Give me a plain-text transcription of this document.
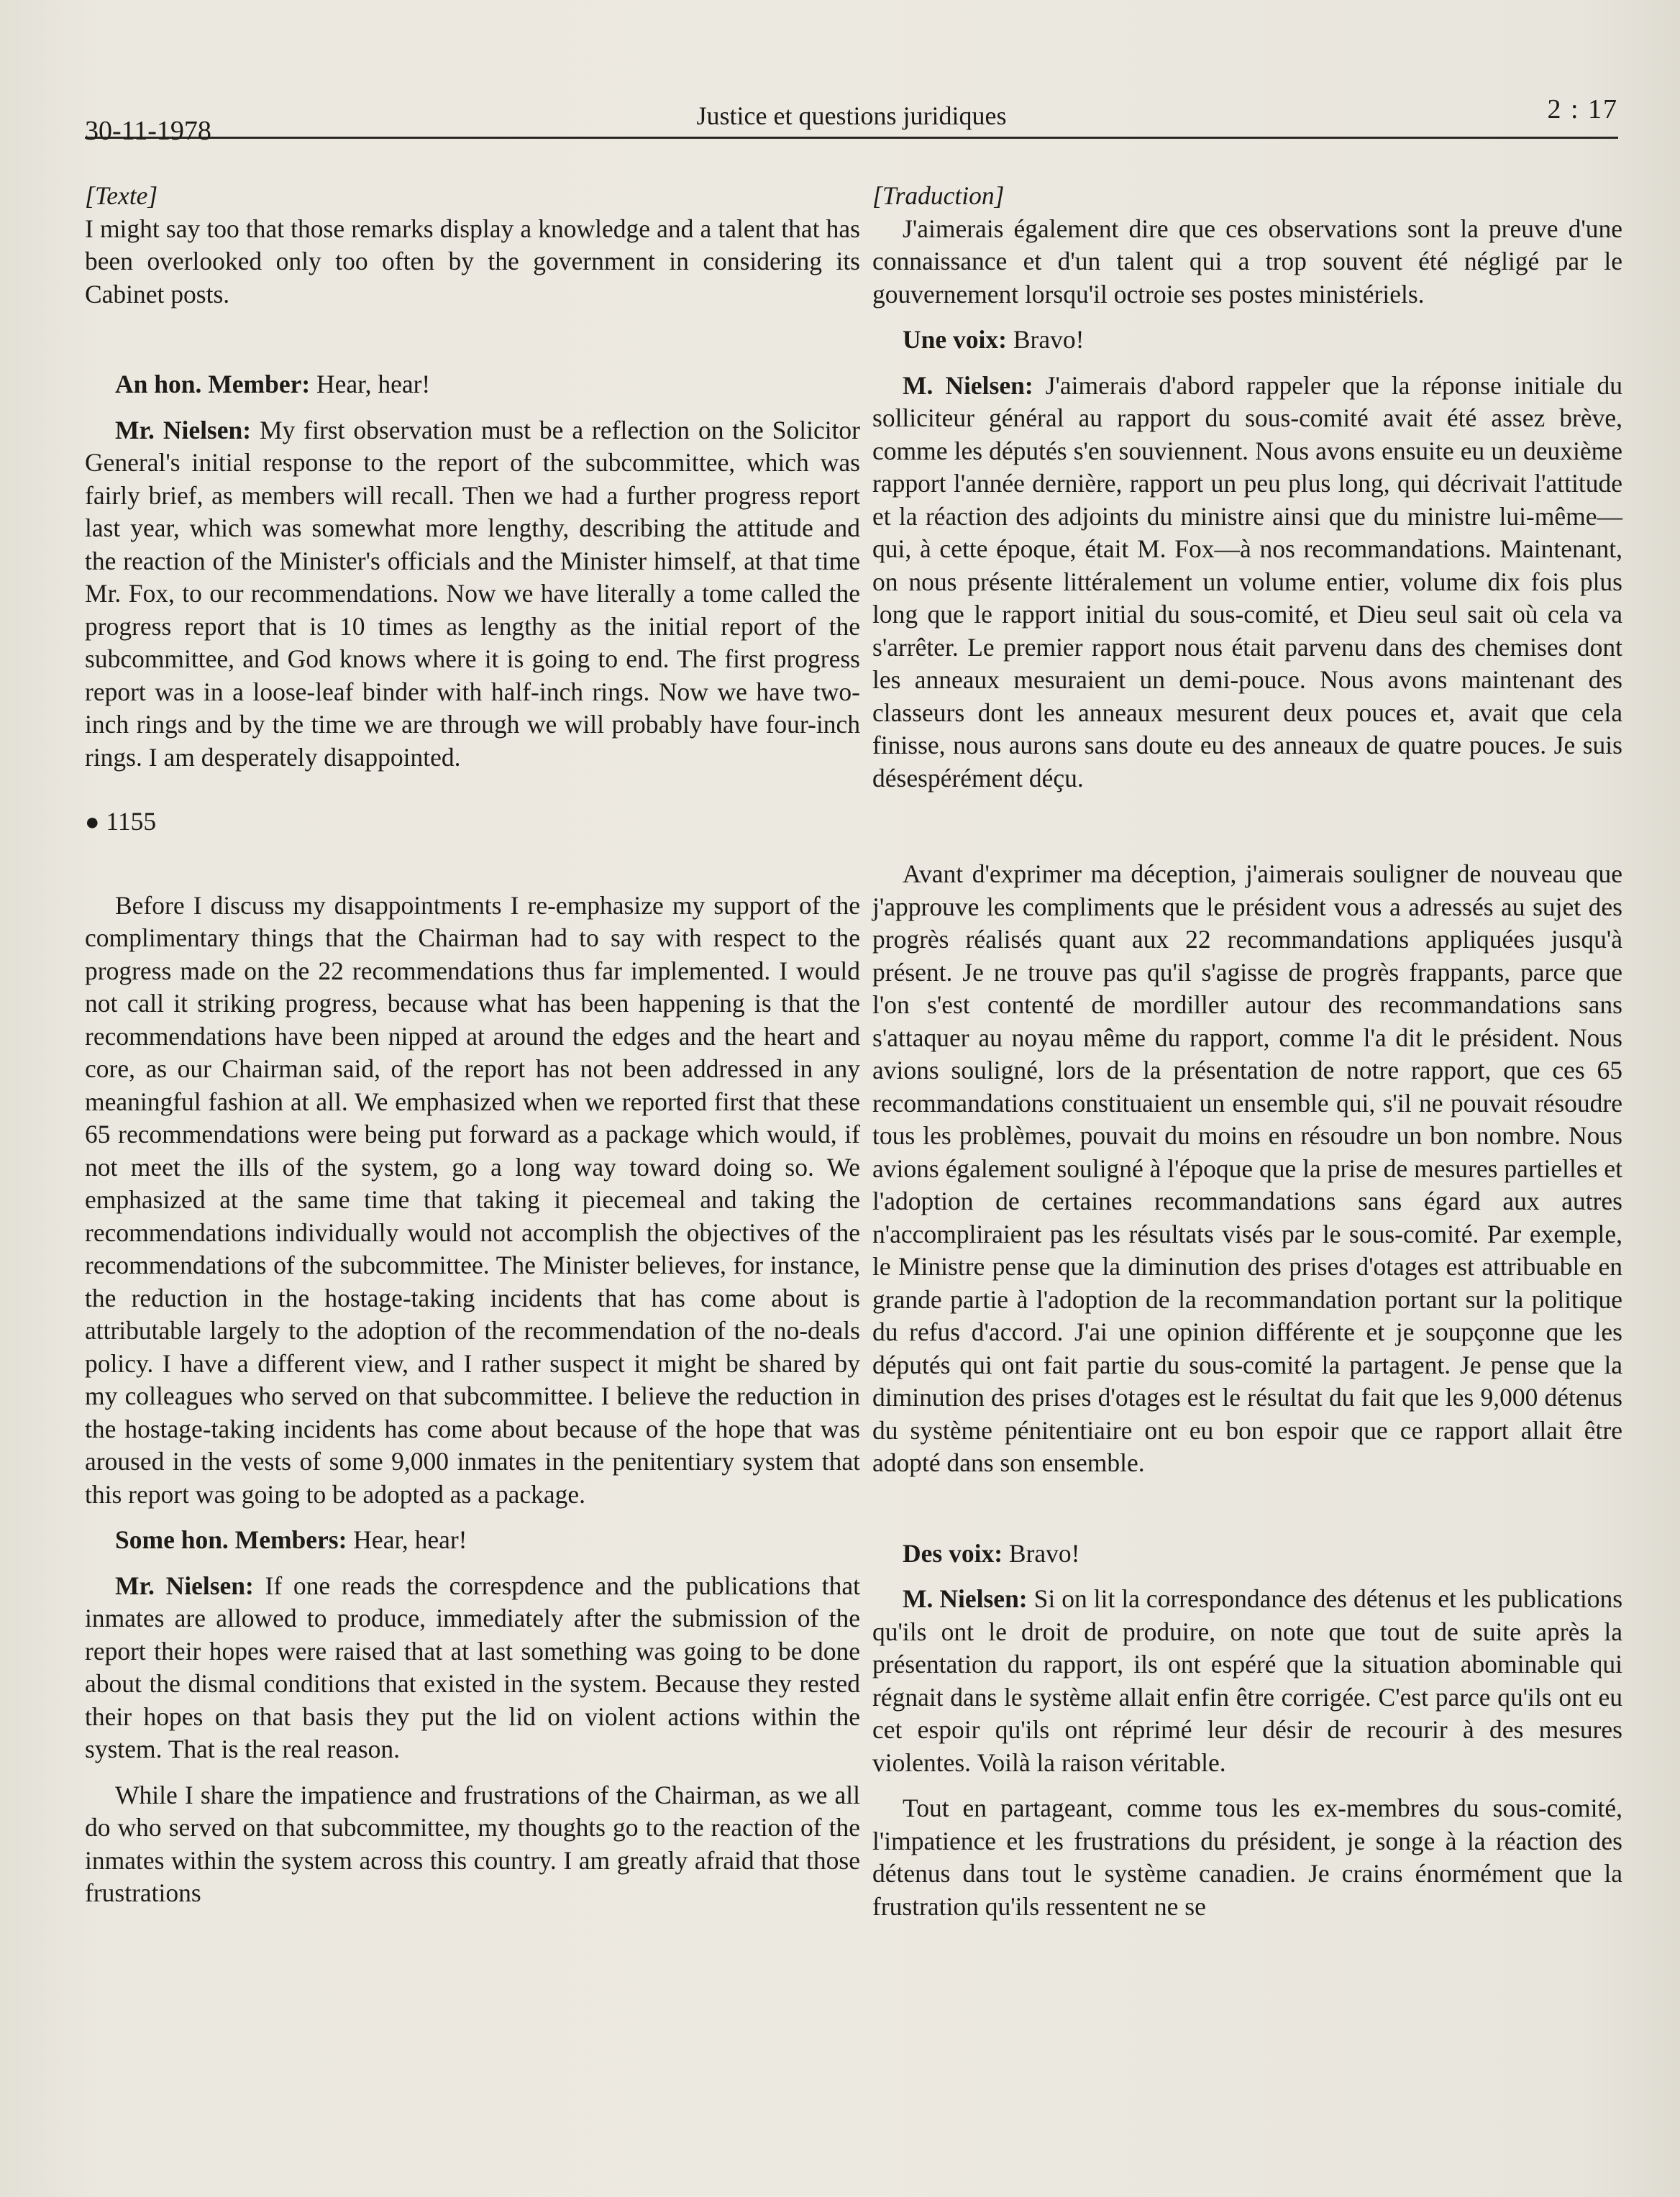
30-11-1978	Justice et questions juridiques	2 : 17

[Texte]

I might say too that those remarks display a knowledge and a talent that has been overlooked only too often by the government in considering its Cabinet posts.

An hon. Member: Hear, hear!

Mr. Nielsen: My first observation must be a reflection on the Solicitor General's initial response to the report of the subcommittee, which was fairly brief, as members will recall. Then we had a further progress report last year, which was somewhat more lengthy, describing the attitude and the reaction of the Minister's officials and the Minister himself, at that time Mr. Fox, to our recommendations. Now we have literally a tome called the progress report that is 10 times as lengthy as the initial report of the subcommittee, and God knows where it is going to end. The first progress report was in a loose-leaf binder with half-inch rings. Now we have two-inch rings and by the time we are through we will probably have four-inch rings. I am desperately disappointed.

● 1155

Before I discuss my disappointments I re-emphasize my support of the complimentary things that the Chairman had to say with respect to the progress made on the 22 recommendations thus far implemented. I would not call it striking progress, because what has been happening is that the recommendations have been nipped at around the edges and the heart and core, as our Chairman said, of the report has not been addressed in any meaningful fashion at all. We emphasized when we reported first that these 65 recommendations were being put forward as a package which would, if not meet the ills of the system, go a long way toward doing so. We emphasized at the same time that taking it piecemeal and taking the recommendations individually would not accomplish the objectives of the recommendations of the subcommittee. The Minister believes, for instance, the reduction in the hostage-taking incidents that has come about is attributable largely to the adoption of the recommendation of the no-deals policy. I have a different view, and I rather suspect it might be shared by my colleagues who served on that subcommittee. I believe the reduction in the hostage-taking incidents has come about because of the hope that was aroused in the vests of some 9,000 inmates in the penitentiary system that this report was going to be adopted as a package.

Some hon. Members: Hear, hear!

Mr. Nielsen: If one reads the correspdence and the publications that inmates are allowed to produce, immediately after the submission of the report their hopes were raised that at last something was going to be done about the dismal conditions that existed in the system. Because they rested their hopes on that basis they put the lid on violent actions within the system. That is the real reason.

While I share the impatience and frustrations of the Chairman, as we all do who served on that subcommittee, my thoughts go to the reaction of the inmates within the system across this country. I am greatly afraid that those frustrations

[Traduction]

J'aimerais également dire que ces observations sont la preuve d'une connaissance et d'un talent qui a trop souvent été négligé par le gouvernement lorsqu'il octroie ses postes ministériels.

Une voix: Bravo!

M. Nielsen: J'aimerais d'abord rappeler que la réponse initiale du solliciteur général au rapport du sous-comité avait été assez brève, comme les députés s'en souviennent. Nous avons ensuite eu un deuxième rapport l'année dernière, rapport un peu plus long, qui décrivait l'attitude et la réaction des adjoints du ministre ainsi que du ministre lui-même—qui, à cette époque, était M. Fox—à nos recommandations. Maintenant, on nous présente littéralement un volume entier, volume dix fois plus long que le rapport initial du sous-comité, et Dieu seul sait où cela va s'arrêter. Le premier rapport nous était parvenu dans des chemises dont les anneaux mesuraient un demi-pouce. Nous avons maintenant des classeurs dont les anneaux mesurent deux pouces et, avait que cela finisse, nous aurons sans doute eu des anneaux de quatre pouces. Je suis désespérément déçu.

Avant d'exprimer ma déception, j'aimerais souligner de nouveau que j'approuve les compliments que le président vous a adressés au sujet des progrès réalisés quant aux 22 recommandations appliquées jusqu'à présent. Je ne trouve pas qu'il s'agisse de progrès frappants, parce que l'on s'est contenté de mordiller autour des recommandations sans s'attaquer au noyau même du rapport, comme l'a dit le président. Nous avions souligné, lors de la présentation de notre rapport, que ces 65 recommandations constituaient un ensemble qui, s'il ne pouvait résoudre tous les problèmes, pouvait du moins en résoudre un bon nombre. Nous avions également souligné à l'époque que la prise de mesures partielles et l'adoption de certaines recommandations sans égard aux autres n'accompliraient pas les résultats visés par le sous-comité. Par exemple, le Ministre pense que la diminution des prises d'otages est attribuable en grande partie à l'adoption de la recommandation portant sur la politique du refus d'accord. J'ai une opinion différente et je soupçonne que les députés qui ont fait partie du sous-comité la partagent. Je pense que la diminution des prises d'otages est le résultat du fait que les 9,000 détenus du système pénitentiaire ont eu bon espoir que ce rapport allait être adopté dans son ensemble.

Des voix: Bravo!

M. Nielsen: Si on lit la correspondance des détenus et les publications qu'ils ont le droit de produire, on note que tout de suite après la présentation du rapport, ils ont espéré que la situation abominable qui régnait dans le système allait enfin être corrigée. C'est parce qu'ils ont eu cet espoir qu'ils ont réprimé leur désir de recourir à des mesures violentes. Voilà la raison véritable.

Tout en partageant, comme tous les ex-membres du sous-comité, l'impatience et les frustrations du président, je songe à la réaction des détenus dans tout le système canadien. Je crains énormément que la frustration qu'ils ressentent ne se
